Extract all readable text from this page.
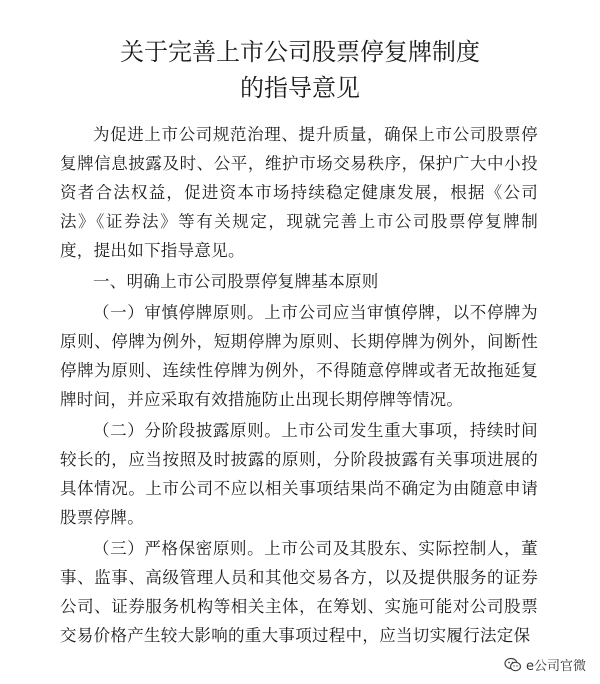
关于完善上市公司股票停复牌制度
的指导意见

为促进上市公司规范治理、提升质量，确保上市公司股票停复牌信息披露及时、公平，维护市场交易秩序，保护广大中小投资者合法权益，促进资本市场持续稳定健康发展，根据《公司法》《证券法》等有关规定，现就完善上市公司股票停复牌制度，提出如下指导意见。

一、明确上市公司股票停复牌基本原则

（一）审慎停牌原则。上市公司应当审慎停牌，以不停牌为原则、停牌为例外，短期停牌为原则、长期停牌为例外，间断性停牌为原则、连续性停牌为例外，不得随意停牌或者无故拖延复牌时间，并应采取有效措施防止出现长期停牌等情况。

（二）分阶段披露原则。上市公司发生重大事项，持续时间较长的，应当按照及时披露的原则，分阶段披露有关事项进展的具体情况。上市公司不应以相关事项结果尚不确定为由随意申请股票停牌。

（三）严格保密原则。上市公司及其股东、实际控制人，董事、监事、高级管理人员和其他交易各方，以及提供服务的证券公司、证券服务机构等相关主体，在筹划、实施可能对公司股票交易价格产生较大影响的重大事项过程中，应当切实履行法定保

e公司官微
